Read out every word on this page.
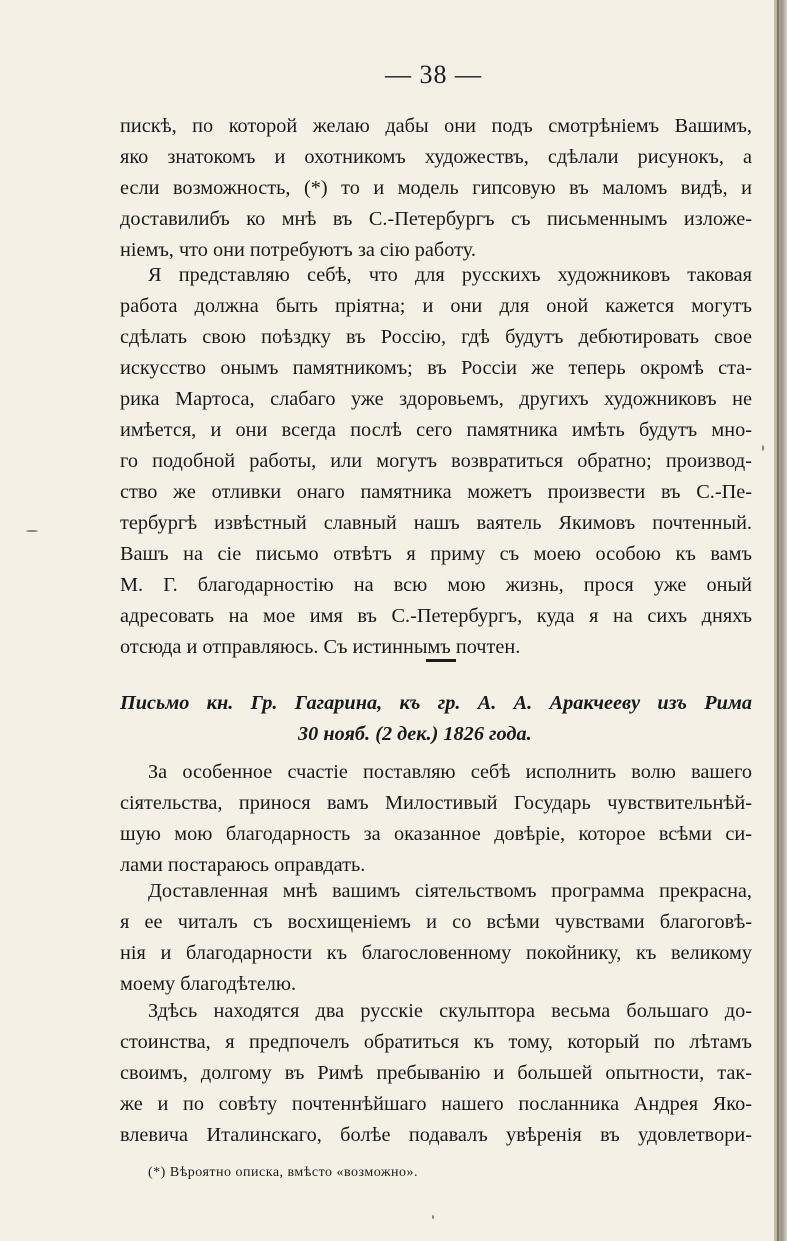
— 38 —
пискѣ, по которой желаю дабы они подъ смотрѣніемъ Вашимъ,
яко знатокомъ и охотникомъ художествъ, сдѣлали рисунокъ, а
если возможность, (*) то и модель гипсовую въ маломъ видѣ, и
доставилибъ ко мнѣ въ С.-Петербургъ съ письменнымъ изложе-
ніемъ, что они потребуютъ за сію работу.
Я представляю себѣ, что для русскихъ художниковъ таковая
работа должна быть пріятна; и они для оной кажется могутъ
сдѣлать свою поѣздку въ Россію, гдѣ будутъ дебютировать свое
искусство онымъ памятникомъ; въ Россіи же теперь окромѣ ста-
рика Мартоса, слабаго уже здоровьемъ, другихъ художниковъ не
имѣется, и они всегда послѣ сего памятника имѣть будутъ мно-
го подобной работы, или могутъ возвратиться обратно; производ-
ство же отливки онаго памятника можетъ произвести въ С.-Пе-
тербургѣ извѣстный славный нашъ ваятель Якимовъ почтенный.
Вашъ на сіе письмо отвѣтъ я приму съ моею особою къ вамъ
М. Г. благодарностію на всю мою жизнь, прося уже оный
адресовать на мое имя въ С.-Петербургъ, куда я на сихъ дняхъ
отсюда и отправляюсь. Съ истиннымъ почтен.
Письмо кн. Гр. Гагарина, къ гр. А. А. Аракчееву изъ Рима
30 нояб. (2 дек.) 1826 года.
За особенное счастіе поставляю себѣ исполнить волю вашего
сіятельства, принося вамъ Милостивый Государь чувствительнѣй-
шую мою благодарность за оказанное довѣріе, которое всѣми си-
лами постараюсь оправдать.
Доставленная мнѣ вашимъ сіятельствомъ программа прекрасна,
я ее читалъ съ восхищеніемъ и со всѣми чувствами благоговѣ-
нія и благодарности къ благословенному покойнику, къ великому
моему благодѣтелю.
Здѣсь находятся два русскіе скульптора весьма большаго до-
стоинства, я предпочелъ обратиться къ тому, который по лѣтамъ
своимъ, долгому въ Римѣ пребыванію и большей опытности, так-
же и по совѣту почтеннѣйшаго нашего посланника Андрея Яко-
влевича Италинскаго, болѣе подавалъ увѣренія въ удовлетвори-
(*) Вѣроятно описка, вмѣсто «возможно».
